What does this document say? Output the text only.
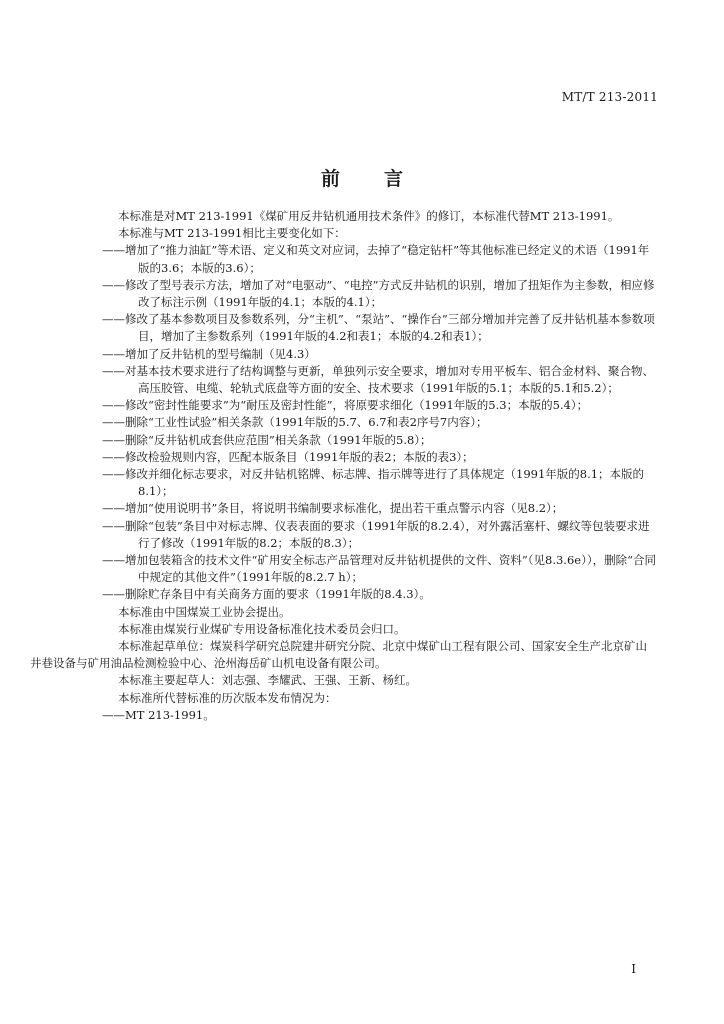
MT/T 213-2011
前 言

本标准是对MT 213-1991《煤矿用反井钻机通用技术条件》的修订，本标准代替MT 213-1991。

本标准与MT 213-1991相比主要变化如下：

——增加了“推力油缸”等术语、定义和英文对应词，去掉了“稳定钻杆”等其他标准已经定义的术语（1991年版的3.6；本版的3.6）；

——修改了型号表示方法，增加了对“电驱动”、“电控”方式反井钻机的识别，增加了扭矩作为主参数，相应修改了标注示例（1991年版的4.1；本版的4.1）；

——修改了基本参数项目及参数系列，分“主机”、“泵站”、“操作台”三部分增加并完善了反井钻机基本参数项目，增加了主参数系列（1991年版的4.2和表1；本版的4.2和表1）；

——增加了反井钻机的型号编制（见4.3）

——对基本技术要求进行了结构调整与更新，单独列示安全要求，增加对专用平板车、铝合金材料、聚合物、高压胶管、电缆、轮轨式底盘等方面的安全、技术要求（1991年版的5.1；本版的5.1和5.2）；

——修改“密封性能要求”为“耐压及密封性能”，将原要求细化（1991年版的5.3；本版的5.4）；

——删除“工业性试验”相关条款（1991年版的5.7、6.7和表2序号7内容）；

——删除“反井钻机成套供应范围”相关条款（1991年版的5.8）；

——修改检验规则内容，匹配本版条目（1991年版的表2；本版的表3）；

——修改并细化标志要求，对反井钻机铭牌、标志牌、指示牌等进行了具体规定（1991年版的8.1；本版的8.1）；

——增加“使用说明书”条目，将说明书编制要求标准化，提出若干重点警示内容（见8.2）；

——删除“包装”条目中对标志牌、仪表表面的要求（1991年版的8.2.4），对外露活塞杆、螺纹等包装要求进行了修改（1991年版的8.2；本版的8.3）；

——增加包装箱含的技术文件“矿用安全标志产品管理对反井钻机提供的文件、资料”（见8.3.6e）），删除“合同中规定的其他文件”（1991年版的8.2.7 h）；

——删除贮存条目中有关商务方面的要求（1991年版的8.4.3）。

本标准由中国煤炭工业协会提出。

本标准由煤炭行业煤矿专用设备标准化技术委员会归口。

本标准起草单位：煤炭科学研究总院建井研究分院、北京中煤矿山工程有限公司、国家安全生产北京矿山井巷设备与矿用油品检测检验中心、沧州海岳矿山机电设备有限公司。

本标准主要起草人：刘志强、李耀武、王强、王新、杨红。

本标准所代替标准的历次版本发布情况为：

——MT 213-1991。

I
